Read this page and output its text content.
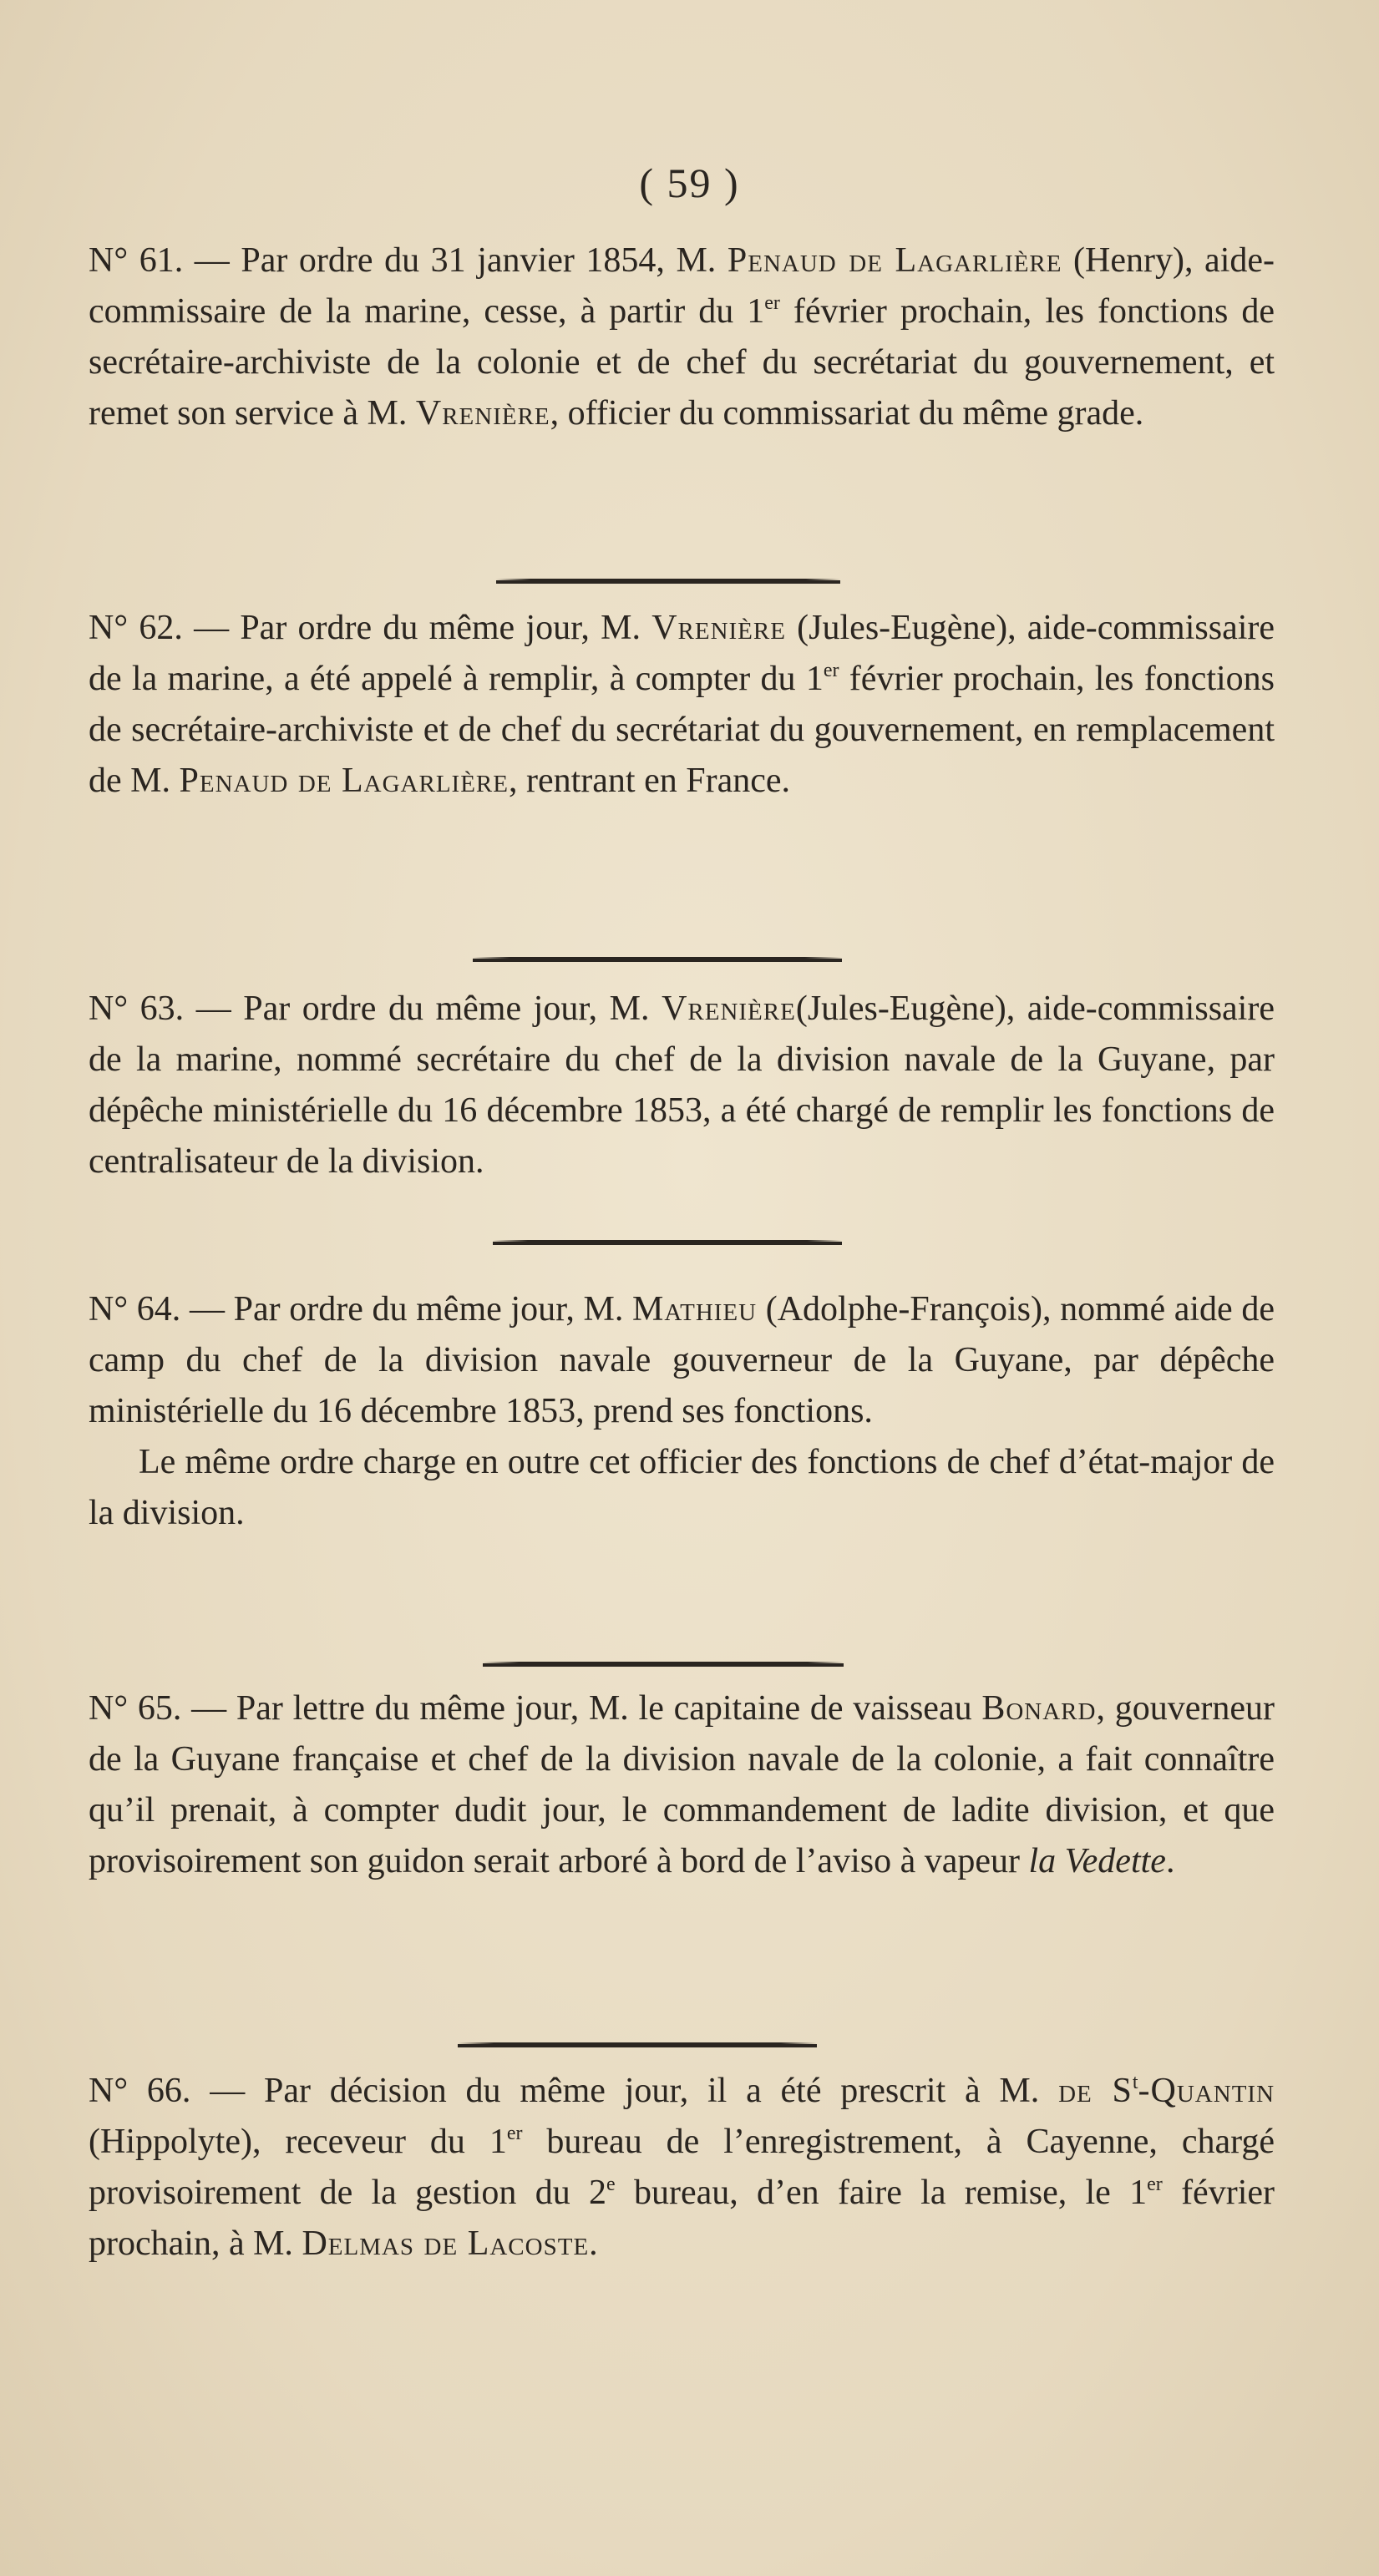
( 59 )

N° 61. — Par ordre du 31 janvier 1854, M. Penaud de Lagarlière (Henry), aide-commissaire de la marine, cesse, à partir du 1er février prochain, les fonctions de secrétaire-archiviste de la colonie et de chef du secrétariat du gouvernement, et remet son service à M. Vrenière, officier du commissariat du même grade.

N° 62. — Par ordre du même jour, M. Vrenière (Jules-Eugène), aide-commissaire de la marine, a été appelé à remplir, à compter du 1er février prochain, les fonctions de secrétaire-archiviste et de chef du secrétariat du gouvernement, en remplacement de M. Penaud de Lagarlière, rentrant en France.

N° 63. — Par ordre du même jour, M. Vrenière(Jules-Eugène), aide-commissaire de la marine, nommé secrétaire du chef de la division navale de la Guyane, par dépêche ministérielle du 16 décembre 1853, a été chargé de remplir les fonctions de centralisateur de la division.

N° 64. — Par ordre du même jour, M. Mathieu (Adolphe-François), nommé aide de camp du chef de la division navale gouverneur de la Guyane, par dépêche ministérielle du 16 décembre 1853, prend ses fonctions.

Le même ordre charge en outre cet officier des fonctions de chef d’état-major de la division.

N° 65. — Par lettre du même jour, M. le capitaine de vaisseau Bonard, gouverneur de la Guyane française et chef de la division navale de la colonie, a fait connaître qu’il prenait, à compter dudit jour, le commandement de ladite division, et que provisoirement son guidon serait arboré à bord de l’aviso à vapeur la Vedette.

N° 66. — Par décision du même jour, il a été prescrit à M. de $S^t$-Quantin (Hippolyte), receveur du 1er bureau de l’enregistrement, à Cayenne, chargé provisoirement de la gestion du 2e bureau, d’en faire la remise, le 1er février prochain, à M. Delmas de Lacoste.
